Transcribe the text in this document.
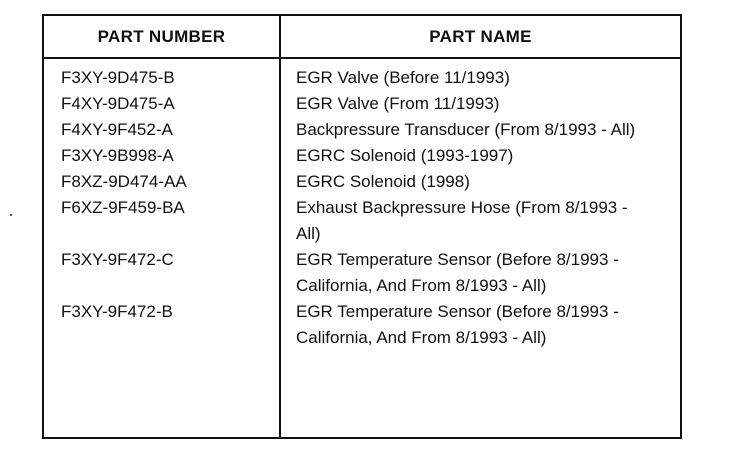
PART NUMBER	PART NAME
F3XY-9D475-B	EGR Valve (Before 11/1993)
F4XY-9D475-A	EGR Valve (From 11/1993)
F4XY-9F452-A	Backpressure Transducer (From 8/1993 - All)
F3XY-9B998-A	EGRC Solenoid (1993-1997)
F8XZ-9D474-AA	EGRC Solenoid (1998)
F6XZ-9F459-BA	Exhaust Backpressure Hose (From 8/1993 - All)
F3XY-9F472-C	EGR Temperature Sensor (Before 8/1993 - California, And From 8/1993 - All)
F3XY-9F472-B	EGR Temperature Sensor (Before 8/1993 - California, And From 8/1993 - All)
